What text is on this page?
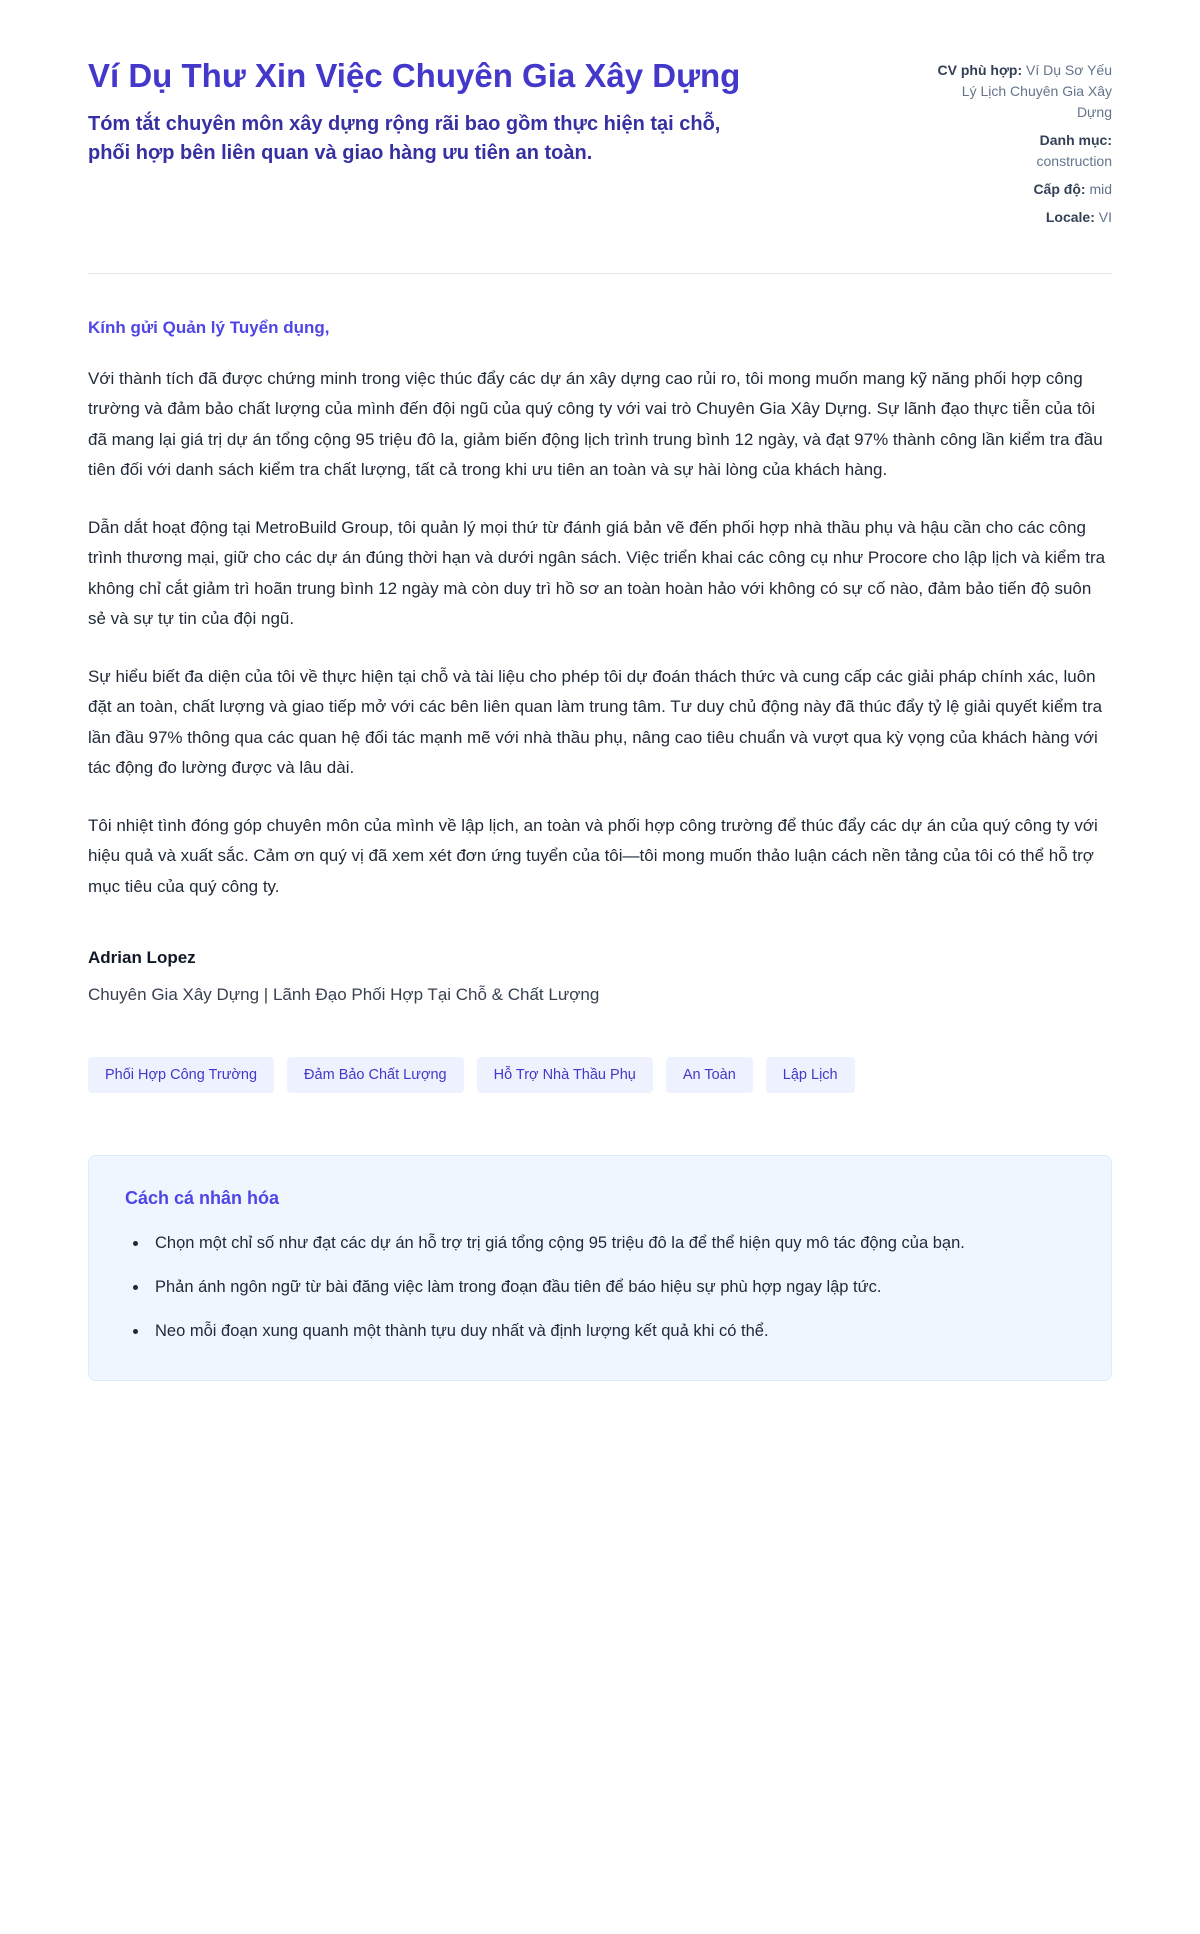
Ví Dụ Thư Xin Việc Chuyên Gia Xây Dựng

Tóm tắt chuyên môn xây dựng rộng rãi bao gồm thực hiện tại chỗ, phối hợp bên liên quan và giao hàng ưu tiên an toàn.

CV phù hợp: Ví Dụ Sơ Yếu Lý Lịch Chuyên Gia Xây Dựng
Danh mục:
construction
Cấp độ: mid
Locale: VI

Kính gửi Quản lý Tuyển dụng,

Với thành tích đã được chứng minh trong việc thúc đẩy các dự án xây dựng cao rủi ro, tôi mong muốn mang kỹ năng phối hợp công trường và đảm bảo chất lượng của mình đến đội ngũ của quý công ty với vai trò Chuyên Gia Xây Dựng. Sự lãnh đạo thực tiễn của tôi đã mang lại giá trị dự án tổng cộng 95 triệu đô la, giảm biến động lịch trình trung bình 12 ngày, và đạt 97% thành công lần kiểm tra đầu tiên đối với danh sách kiểm tra chất lượng, tất cả trong khi ưu tiên an toàn và sự hài lòng của khách hàng.

Dẫn dắt hoạt động tại MetroBuild Group, tôi quản lý mọi thứ từ đánh giá bản vẽ đến phối hợp nhà thầu phụ và hậu cần cho các công trình thương mại, giữ cho các dự án đúng thời hạn và dưới ngân sách. Việc triển khai các công cụ như Procore cho lập lịch và kiểm tra không chỉ cắt giảm trì hoãn trung bình 12 ngày mà còn duy trì hồ sơ an toàn hoàn hảo với không có sự cố nào, đảm bảo tiến độ suôn sẻ và sự tự tin của đội ngũ.

Sự hiểu biết đa diện của tôi về thực hiện tại chỗ và tài liệu cho phép tôi dự đoán thách thức và cung cấp các giải pháp chính xác, luôn đặt an toàn, chất lượng và giao tiếp mở với các bên liên quan làm trung tâm. Tư duy chủ động này đã thúc đẩy tỷ lệ giải quyết kiểm tra lần đầu 97% thông qua các quan hệ đối tác mạnh mẽ với nhà thầu phụ, nâng cao tiêu chuẩn và vượt qua kỳ vọng của khách hàng với tác động đo lường được và lâu dài.

Tôi nhiệt tình đóng góp chuyên môn của mình về lập lịch, an toàn và phối hợp công trường để thúc đẩy các dự án của quý công ty với hiệu quả và xuất sắc. Cảm ơn quý vị đã xem xét đơn ứng tuyển của tôi—tôi mong muốn thảo luận cách nền tảng của tôi có thể hỗ trợ mục tiêu của quý công ty.

Adrian Lopez

Chuyên Gia Xây Dựng | Lãnh Đạo Phối Hợp Tại Chỗ & Chất Lượng

Phối Hợp Công Trường	Đảm Bảo Chất Lượng	Hỗ Trợ Nhà Thầu Phụ	An Toàn	Lập Lịch
Cách cá nhân hóa
• Chọn một chỉ số như đạt các dự án hỗ trợ trị giá tổng cộng 95 triệu đô la để thể hiện quy mô tác động của bạn.
• Phản ánh ngôn ngữ từ bài đăng việc làm trong đoạn đầu tiên để báo hiệu sự phù hợp ngay lập tức.
• Neo mỗi đoạn xung quanh một thành tựu duy nhất và định lượng kết quả khi có thể.
